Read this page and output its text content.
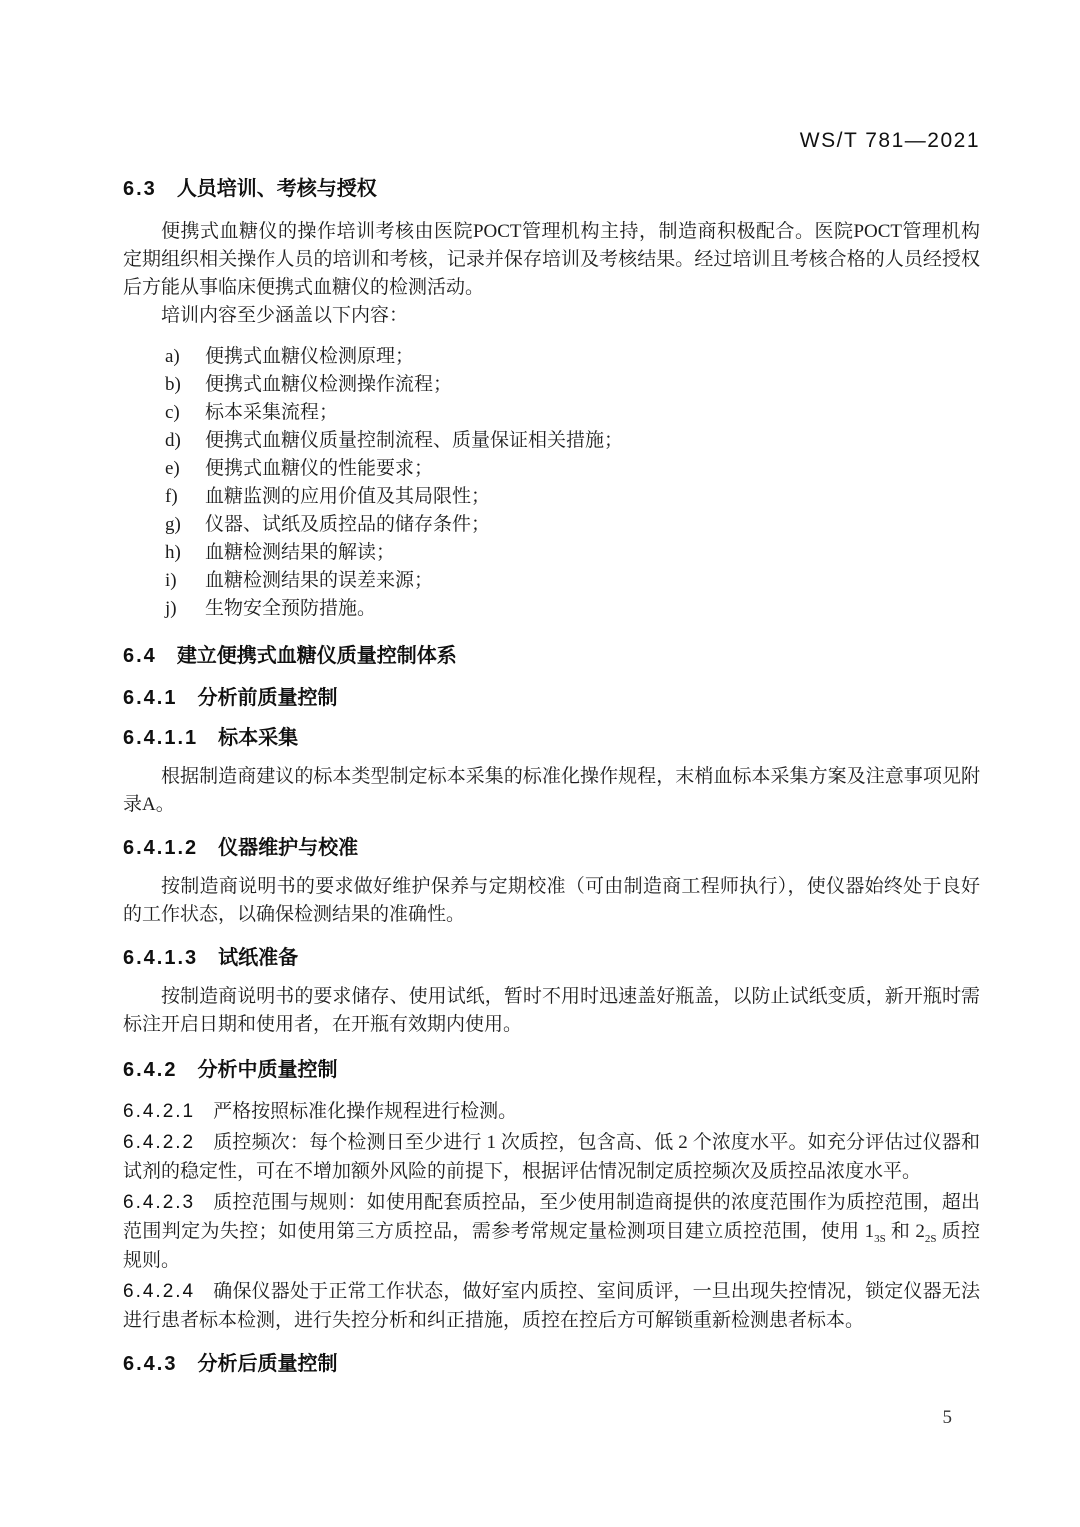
WS/T 781—2021
6.3 人员培训、考核与授权

便携式血糖仪的操作培训考核由医院POCT管理机构主持，制造商积极配合。医院POCT管理机构定期组织相关操作人员的培训和考核，记录并保存培训及考核结果。经过培训且考核合格的人员经授权后方能从事临床便携式血糖仪的检测活动。

培训内容至少涵盖以下内容：

a)	便携式血糖仪检测原理；
b)	便携式血糖仪检测操作流程；
c)	标本采集流程；
d)	便携式血糖仪质量控制流程、质量保证相关措施；
e)	便携式血糖仪的性能要求；
f)	血糖监测的应用价值及其局限性；
g)	仪器、试纸及质控品的储存条件；
h)	血糖检测结果的解读；
i)	血糖检测结果的误差来源；
j)	生物安全预防措施。
6.4 建立便携式血糖仪质量控制体系
6.4.1 分析前质量控制
6.4.1.1 标本采集

根据制造商建议的标本类型制定标本采集的标准化操作规程，末梢血标本采集方案及注意事项见附录A。

6.4.1.2 仪器维护与校准

按制造商说明书的要求做好维护保养与定期校准（可由制造商工程师执行），使仪器始终处于良好的工作状态，以确保检测结果的准确性。

6.4.1.3 试纸准备

按制造商说明书的要求储存、使用试纸，暂时不用时迅速盖好瓶盖，以防止试纸变质，新开瓶时需标注开启日期和使用者，在开瓶有效期内使用。

6.4.2 分析中质量控制

6.4.2.1 严格按照标准化操作规程进行检测。

6.4.2.2 质控频次：每个检测日至少进行 1 次质控，包含高、低 2 个浓度水平。如充分评估过仪器和试剂的稳定性，可在不增加额外风险的前提下，根据评估情况制定质控频次及质控品浓度水平。

6.4.2.3 质控范围与规则：如使用配套质控品，至少使用制造商提供的浓度范围作为质控范围，超出范围判定为失控；如使用第三方质控品，需参考常规定量检测项目建立质控范围，使用 $1_{3S}$ 和 $2_{2S}$ 质控规则。

6.4.2.4 确保仪器处于正常工作状态，做好室内质控、室间质评，一旦出现失控情况，锁定仪器无法进行患者标本检测，进行失控分析和纠正措施，质控在控后方可解锁重新检测患者标本。

6.4.3 分析后质量控制
5
